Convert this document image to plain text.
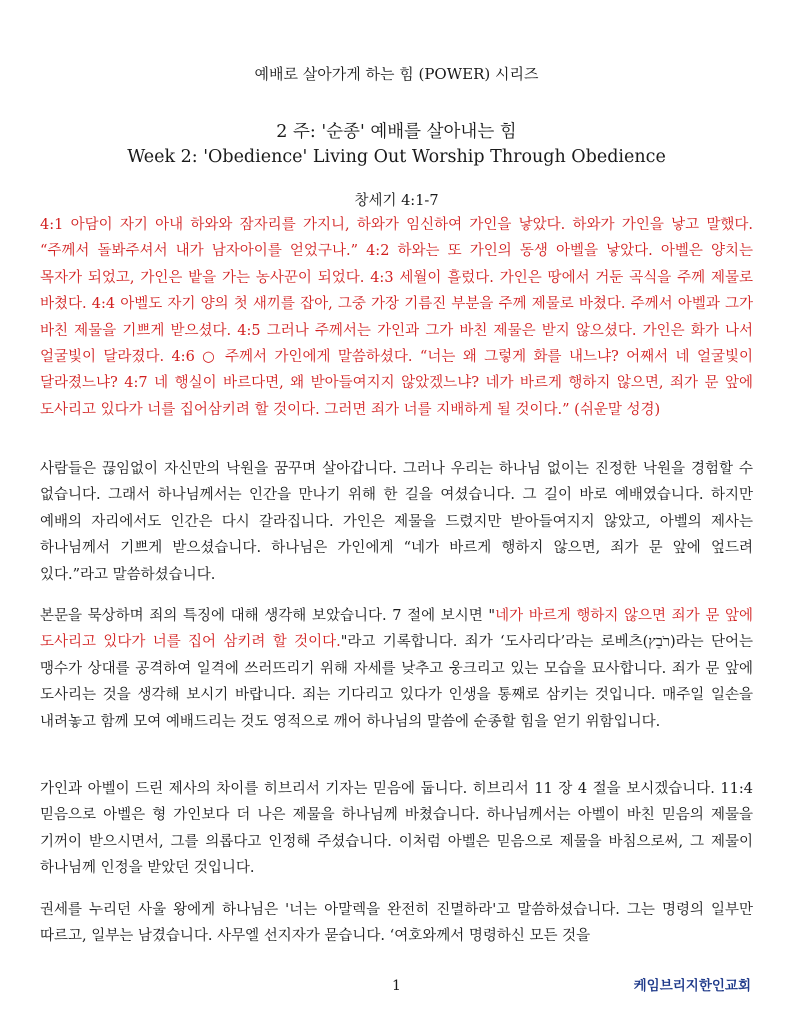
예배로 살아가게 하는 힘 (POWER) 시리즈
2 주: '순종' 예배를 살아내는 힘
Week 2: 'Obedience' Living Out Worship Through Obedience
창세기 4:1-7

4:1 아담이 자기 아내 하와와 잠자리를 가지니, 하와가 임신하여 가인을 낳았다. 하와가 가인을 낳고 말했다. “주께서 돌봐주셔서 내가 남자아이를 얻었구나.” 4:2 하와는 또 가인의 동생 아벨을 낳았다. 아벨은 양치는 목자가 되었고, 가인은 밭을 가는 농사꾼이 되었다. 4:3 세월이 흘렀다. 가인은 땅에서 거둔 곡식을 주께 제물로 바쳤다. 4:4 아벨도 자기 양의 첫 새끼를 잡아, 그중 가장 기름진 부분을 주께 제물로 바쳤다. 주께서 아벨과 그가 바친 제물을 기쁘게 받으셨다. 4:5 그러나 주께서는 가인과 그가 바친 제물은 받지 않으셨다. 가인은 화가 나서 얼굴빛이 달라졌다. 4:6 ○ 주께서 가인에게 말씀하셨다. “너는 왜 그렇게 화를 내느냐? 어째서 네 얼굴빛이 달라졌느냐? 4:7 네 행실이 바르다면, 왜 받아들여지지 않았겠느냐? 네가 바르게 행하지 않으면, 죄가 문 앞에 도사리고 있다가 너를 집어삼키려 할 것이다. 그러면 죄가 너를 지배하게 될 것이다.” (쉬운말 성경)

사람들은 끊임없이 자신만의 낙원을 꿈꾸며 살아갑니다. 그러나 우리는 하나님 없이는 진정한 낙원을 경험할 수 없습니다. 그래서 하나님께서는 인간을 만나기 위해 한 길을 여셨습니다. 그 길이 바로 예배였습니다. 하지만 예배의 자리에서도 인간은 다시 갈라집니다. 가인은 제물을 드렸지만 받아들여지지 않았고, 아벨의 제사는 하나님께서 기쁘게 받으셨습니다. 하나님은 가인에게 “네가 바르게 행하지 않으면, 죄가 문 앞에 엎드려 있다.”라고 말씀하셨습니다.

본문을 묵상하며 죄의 특징에 대해 생각해 보았습니다. 7 절에 보시면 "네가 바르게 행하지 않으면 죄가 문 앞에 도사리고 있다가 너를 집어 삼키려 할 것이다."라고 기록합니다. 죄가 ‘도사리다’라는 로베츠(רֹבֵץ)라는 단어는 맹수가 상대를 공격하여 일격에 쓰러뜨리기 위해 자세를 낮추고 웅크리고 있는 모습을 묘사합니다. 죄가 문 앞에 도사리는 것을 생각해 보시기 바랍니다. 죄는 기다리고 있다가 인생을 통째로 삼키는 것입니다. 매주일 일손을 내려놓고 함께 모여 예배드리는 것도 영적으로 깨어 하나님의 말씀에 순종할 힘을 얻기 위함입니다.

가인과 아벨이 드린 제사의 차이를 히브리서 기자는 믿음에 둡니다. 히브리서 11 장 4 절을 보시겠습니다. 11:4 믿음으로 아벨은 형 가인보다 더 나은 제물을 하나님께 바쳤습니다. 하나님께서는 아벨이 바친 믿음의 제물을 기꺼이 받으시면서, 그를 의롭다고 인정해 주셨습니다. 이처럼 아벨은 믿음으로 제물을 바침으로써, 그 제물이 하나님께 인정을 받았던 것입니다.

권세를 누리던 사울 왕에게 하나님은 '너는 아말렉을 완전히 진멸하라'고 말씀하셨습니다. 그는 명령의 일부만 따르고, 일부는 남겼습니다. 사무엘 선지자가 묻습니다. ‘여호와께서 명령하신 모든 것을

1	케임브리지한인교회
